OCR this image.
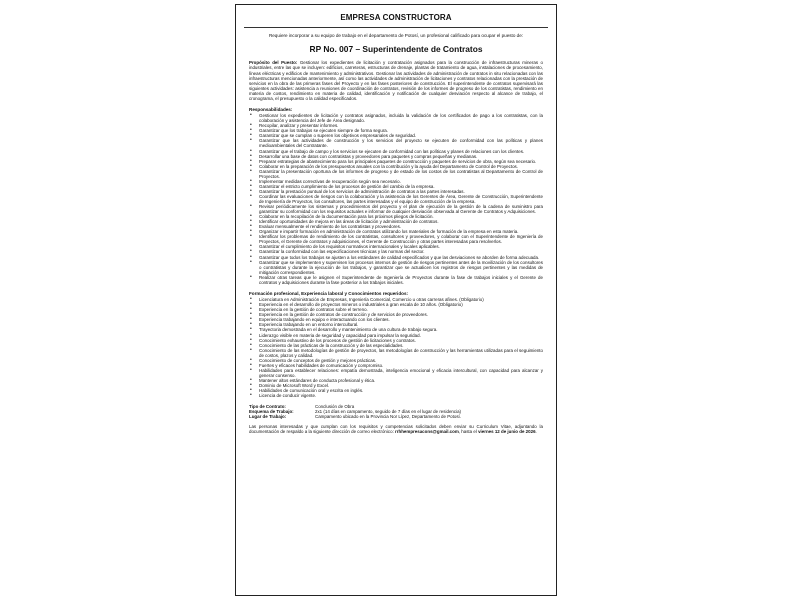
EMPRESA CONSTRUCTORA
Requiere incorporar a su equipo de trabajo en el departamento de Potosí, un profesional calificado para ocupar el puesto de:
RP No. 007 – Superintendente de Contratos

Propósito del Puesto: Gestionar los expedientes de licitación y contratación asignados para la construcción de infraestructuras mineras o industriales, entre las que se incluyen: edificios, carreteras, estructuras de drenaje, plantas de tratamiento de agua, instalaciones de procesamiento, líneas eléctricas y edificios de mantenimiento y administrativos. Gestionar las actividades de administración de contratos in situ relacionadas con las infraestructuras mencionadas anteriormente, así como las actividades de administración de licitaciones y contratos relacionadas con la prestación de servicios en la obra de las primeras fases del Proyecto y en las fases posteriores de construcción. El superintendente de contratos supervisará las siguientes actividades: asistencia a reuniones de coordinación de contratos, revisión de los informes de progreso de los contratistas, rendimiento en materia de costos, rendimiento en materia de calidad, identificación y notificación de cualquier desviación respecto al alcance de trabajo, el cronograma, el presupuesto o la calidad especificados.

Responsabilidades:
• Gestionar los expedientes de licitación y contratos asignados, incluida la validación de los certificados de pago a los contratistas, con la colaboración y asistencia del Jefe de Área designado.
• Recopilar, analizar y presentar informes.
• Garantizar que los trabajos se ejecuten siempre de forma segura.
• Garantizar que se cumplan o superen los objetivos empresariales de seguridad.
• Garantizar que las actividades de construcción y los servicios del proyecto se ejecuten de conformidad con las políticas y planes medioambientales del Contratante.
• Garantizar que el trabajo de campo y los servicios se ejecuten de conformidad con las políticas y planes de relaciones con los clientes.
• Desarrollar una base de datos con contratistas y proveedores para paquetes y compras pequeñas y medianas.
• Preparar estrategias de abastecimiento para los principales paquetes de construcción y paquetes de servicios de obra, según sea necesario.
• Colaborar en la preparación de los presupuestos anuales con la contribución y la ayuda del Departamento de Control de Proyectos.
• Garantizar la presentación oportuna de los informes de progreso y de estado de los costos de los contratistas al Departamento de Control de Proyectos.
• Implementar medidas correctivas de recuperación según sea necesario.
• Garantizar el estricto cumplimiento de los procesos de gestión del cambio de la empresa.
• Garantizar la prestación puntual de los servicios de administración de contratos a las partes interesadas.
• Coordinar las evaluaciones de riesgos con la colaboración y la asistencia de los Gerentes de Área, Gerente de Construcción, Superintendente de Ingeniería de Proyectos, los consultores, las partes interesadas y el equipo de construcción de la empresa.
• Revisar periódicamente los sistemas y procedimientos del proyecto y el plan de ejecución de la gestión de la cadena de suministro para garantizar su conformidad con los requisitos actuales e informar de cualquier desviación observada al Gerente de Contratos y Adquisiciones.
• Colaborar en la recopilación de la documentación para los próximos pliegos de licitación.
• Identificar oportunidades de mejora en las áreas de licitación y administración de contratos.
• Evaluar mensualmente el rendimiento de los contratistas y proveedores.
• Organizar e impartir formación en administración de contratos utilizando los materiales de formación de la empresa en esta materia.
• Identificar los problemas de rendimiento de los contratistas, consultores y proveedores, y colaborar con el Superintendente de Ingeniería de Proyectos, el Gerente de contratos y adquisiciones, el Gerente de Construcción y otras partes interesadas para resolverlos.
• Garantizar el cumplimiento de los requisitos normativos internacionales y locales aplicables.
• Garantizar la conformidad con las especificaciones técnicas y las normas del sector.
• Garantizar que todos los trabajos se ajusten a los estándares de calidad especificados y que las desviaciones se aborden de forma adecuada.
• Garantizar que se implementen y supervisen los procesos internos de gestión de riesgos pertinentes antes de la movilización de los consultores o contratistas y durante la ejecución de los trabajos, y garantizar que se actualicen los registros de riesgos pertinentes y las medidas de mitigación correspondientes.
• Realizar otras tareas que le asignen el Superintendente de Ingeniería de Proyectos durante la fase de trabajos iniciales y el Gerente de contratos y adquisiciones durante la fase posterior a los trabajos iniciales.
Formación profesional, Experiencia laboral y Conocimientos requeridos:
• Licenciatura en Administración de Empresas, Ingeniería Comercial, Comercio u otras carreras afines. (Obligatorio)
• Experiencia en el desarrollo de proyectos mineros o industriales a gran escala de 10 años. (Obligatorio)
• Experiencia en la gestión de contratos sobre el terreno.
• Experiencia en la gestión de contratos de construcción y de servicios de proveedores.
• Experiencia trabajando en equipo e interactuando con los clientes.
• Experiencia trabajando en un entorno intercultural.
• Trayectoria demostrada en el desarrollo y mantenimiento de una cultura de trabajo segura.
• Liderazgo visible en materia de seguridad y capacidad para impulsar la seguridad.
• Conocimiento exhaustivo de los procesos de gestión de licitaciones y contratos.
• Conocimiento de las prácticas de la construcción y de las especialidades.
• Conocimiento de las metodologías de gestión de proyectos, las metodologías de construcción y las herramientas utilizadas para el seguimiento de costos, plazos y calidad.
• Conocimiento de conceptos de gestión y mejores prácticas.
• Fuertes y eficaces habilidades de comunicación y compromiso.
• Habilidades para establecer relaciones: empatía demostrada, inteligencia emocional y eficacia intercultural, con capacidad para alcanzar y generar consenso.
• Mantener altos estándares de conducta profesional y ética.
• Dominio de Microsoft Word y Excel.
• Habilidades de comunicación oral y escrita en inglés.
• Licencia de conducir vigente.
Tipo de Contrato:	Conclusión de Obra
Esquema de Trabajo:	2x1 (14 días en campamento, seguido de 7 días en el lugar de residencia)
Lugar de Trabajo:	Campamento ubicado en la Provincia Nor Lípez, Departamento de Potosí.

Las personas interesadas y que cumplan con los requisitos y competencias solicitados deben enviar su Curriculum Vitae, adjuntando la documentación de respaldo a la siguiente dirección de correo electrónico: rrhhempresacons@gmail.com, hasta el viernes 12 de junio de 2026.
